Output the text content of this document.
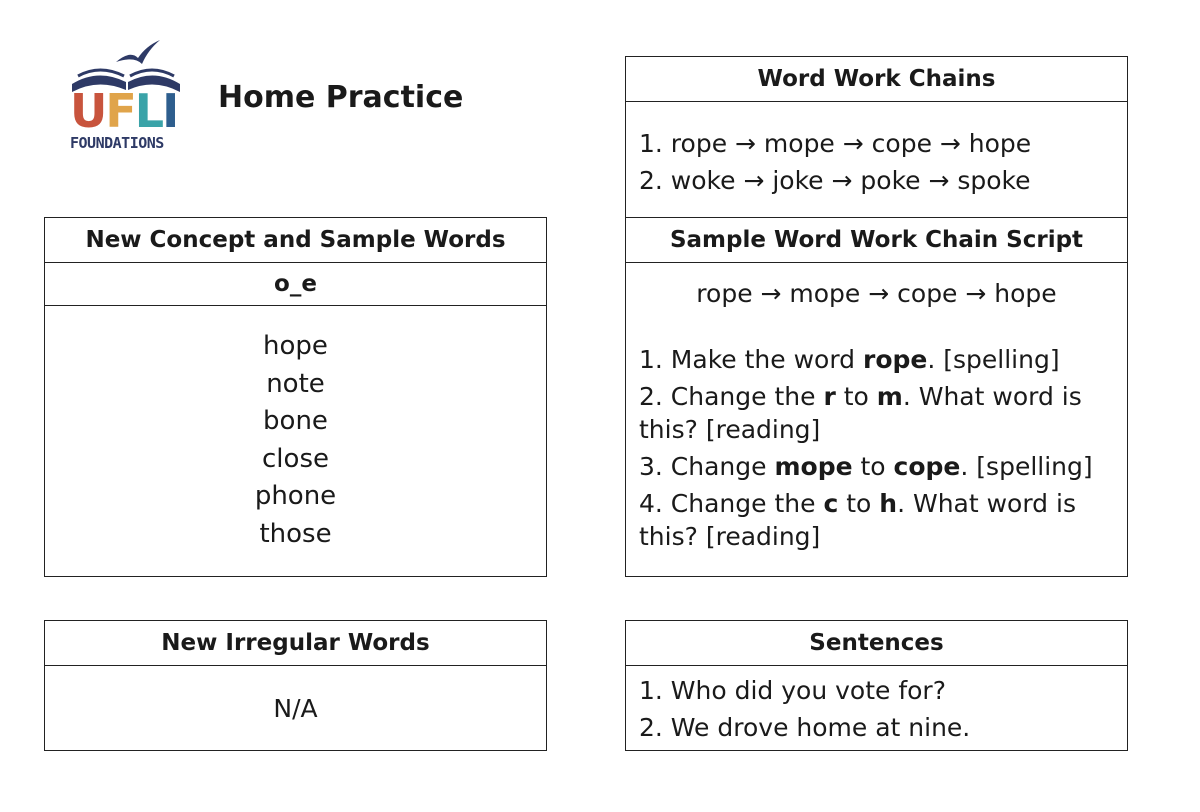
UFLI
FOUNDATIONS
Home Practice
New Concept and Sample Words
o_e
hope
note
bone
close
phone
those
New Irregular Words
N/A
Word Work Chains
1. rope → mope → cope → hope
2. woke → joke → poke → spoke
Sample Word Work Chain Script
rope → mope → cope → hope
1. Make the word rope. [spelling]
2. Change the r to m. What word is this? [reading]
3. Change mope to cope. [spelling]
4. Change the c to h. What word is this? [reading]
Sentences
1. Who did you vote for?
2. We drove home at nine.
